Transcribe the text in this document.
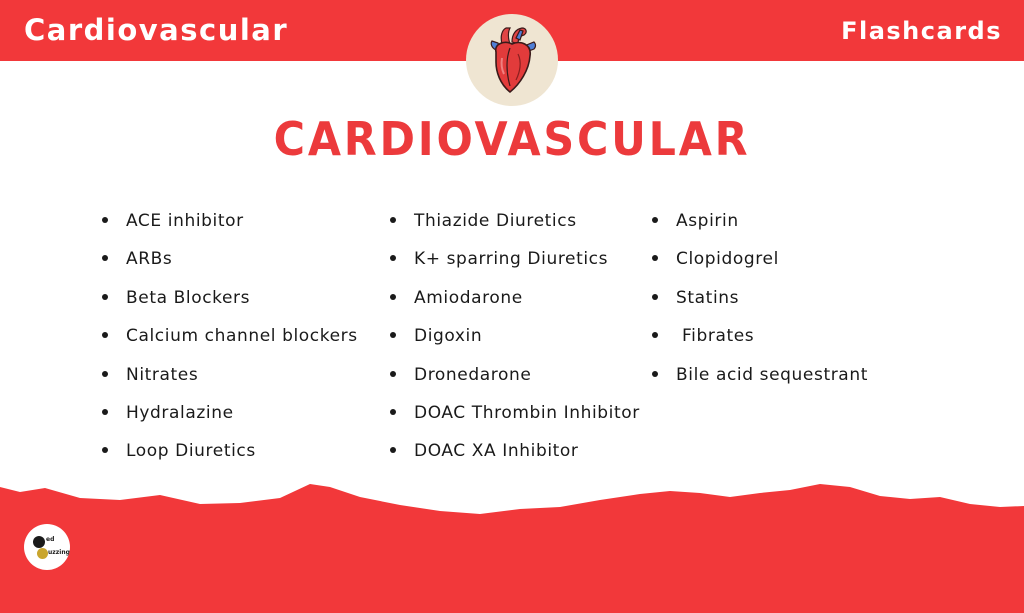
Cardiovascular	Flashcards
CARDIOVASCULAR
ACE inhibitor
ARBs
Beta Blockers
Calcium channel blockers
Nitrates
Hydralazine
Loop Diuretics
Thiazide Diuretics
K+ sparring Diuretics
Amiodarone
Digoxin
Dronedarone
DOAC Thrombin Inhibitor
DOAC XA Inhibitor
Aspirin
Clopidogrel
Statins
Fibrates
Bile acid sequestrant
ed
uzzing
